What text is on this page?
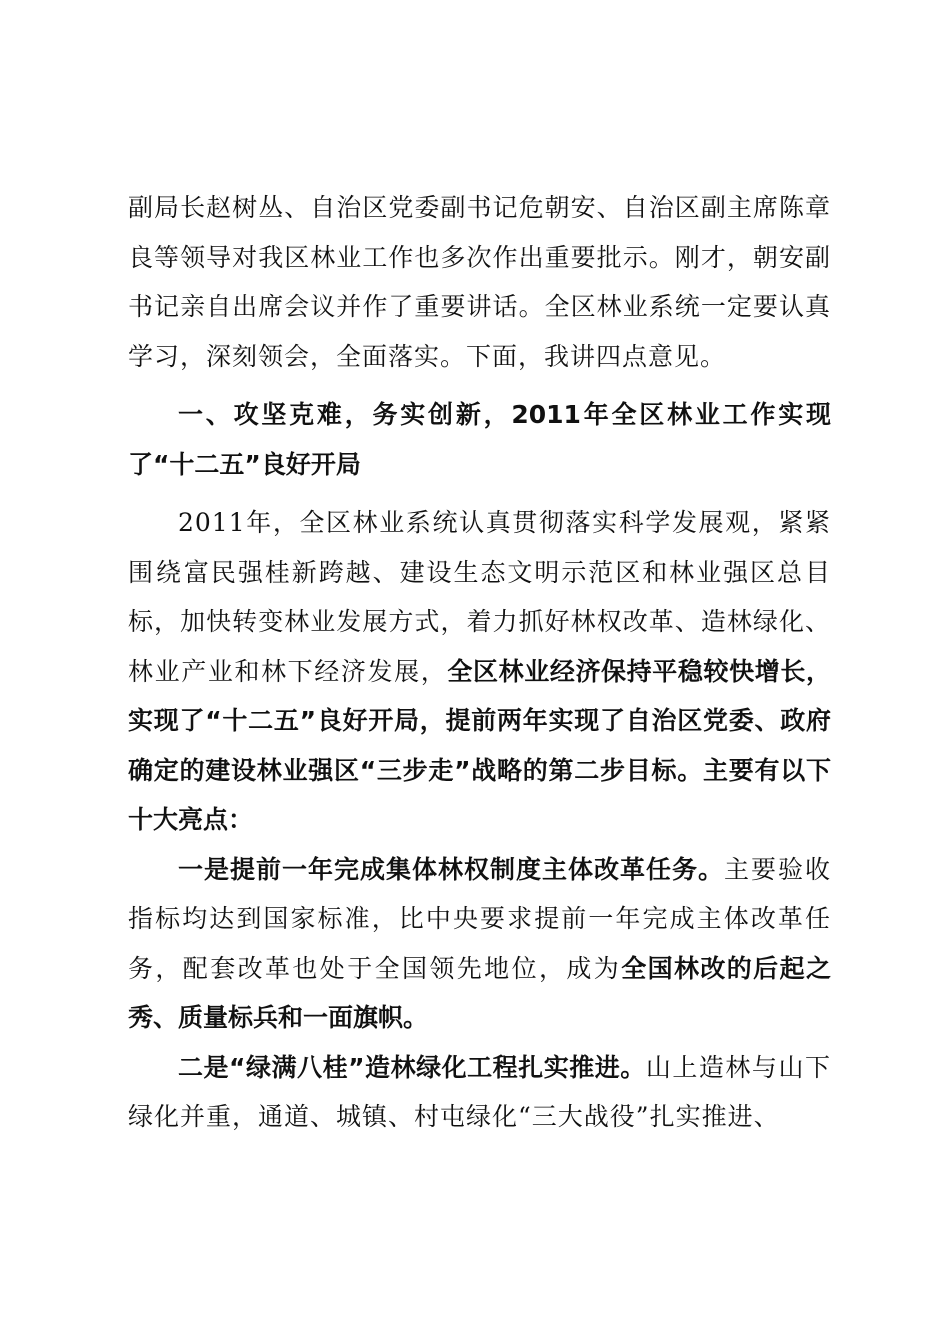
副局长赵树丛、自治区党委副书记危朝安、自治区副主席陈章良等领导对我区林业工作也多次作出重要批示。刚才，朝安副书记亲自出席会议并作了重要讲话。全区林业系统一定要认真学习，深刻领会，全面落实。下面，我讲四点意见。

一、攻坚克难，务实创新，2011年全区林业工作实现了“十二五”良好开局

2011年，全区林业系统认真贯彻落实科学发展观，紧紧围绕富民强桂新跨越、建设生态文明示范区和林业强区总目标，加快转变林业发展方式，着力抓好林权改革、造林绿化、林业产业和林下经济发展，全区林业经济保持平稳较快增长，实现了“十二五”良好开局，提前两年实现了自治区党委、政府确定的建设林业强区“三步走”战略的第二步目标。主要有以下十大亮点：

一是提前一年完成集体林权制度主体改革任务。主要验收指标均达到国家标准，比中央要求提前一年完成主体改革任务，配套改革也处于全国领先地位，成为全国林改的后起之秀、质量标兵和一面旗帜。

二是“绿满八桂”造林绿化工程扎实推进。山上造林与山下绿化并重，通道、城镇、村屯绿化“三大战役”扎实推进、
